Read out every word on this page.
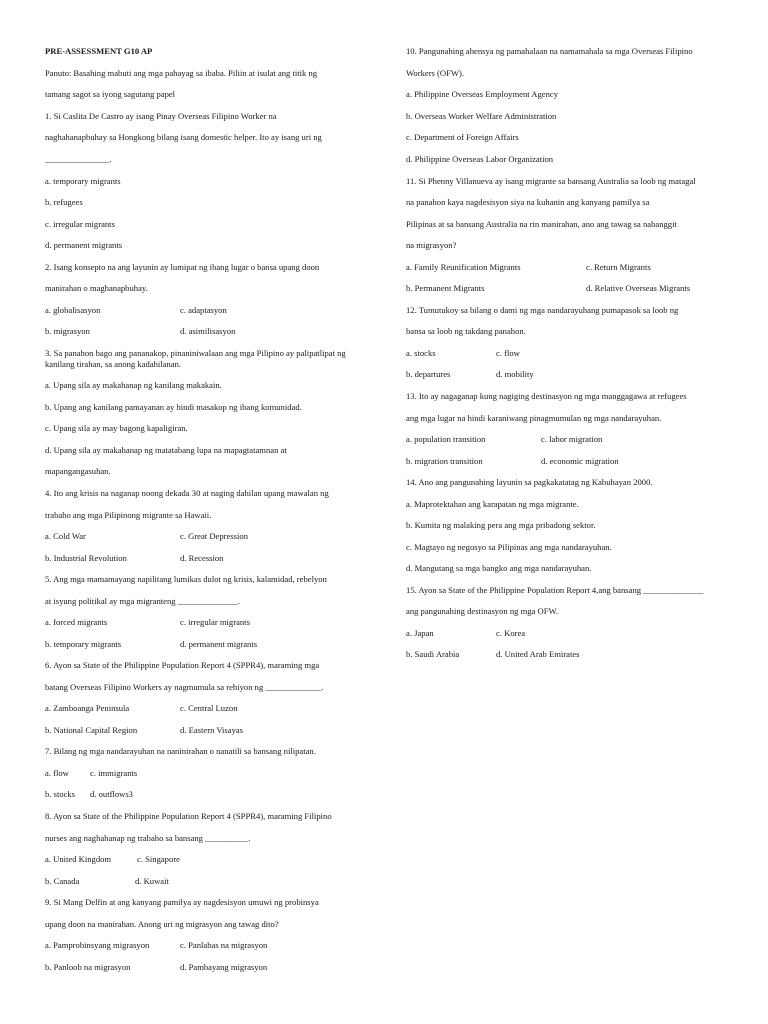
PRE-ASSESSMENT G10 AP
Panuto: Basahing mabuti ang mga pahayag sa ibaba. Piliin at isulat ang titik ng
tamang sagot sa iyong sagutang papel
1. Si Caslita De Castro ay isang Pinay Overseas Filipino Worker na
naghahanapbuhay sa Hongkong bilang isang domestic helper. Ito ay isang uri ng
_______________.
a. temporary migrants
b. refugees
c. irregular migrants
d. permanent migrants
2. Isang konsepto na ang layunin ay lumipat ng ibang lugar o bansa upang doon
manirahan o maghanapbuhay.
a. globalisasyon	c. adaptasyon
b. migrasyon	d. asimilisasyon
3. Sa panahon bago ang pananakop, pinaniniwalaan ang mga Pilipino ay palipatlipat ng kanilang tirahan, sa anong kadahilanan.
a. Upang sila ay makahanap ng kanilang makakain.
b. Upang ang kanilang pamayanan ay hindi masakop ng ibang komunidad.
c. Upang sila ay may bagong kapaligiran.
d. Upang sila ay makahanap ng matatabang lupa na mapagtatamnan at
mapangangasuhan.
4. Ito ang krisis na naganap noong dekada 30 at naging dahilan upang mawalan ng
trabaho ang mga Pilipinong migrante sa Hawaii.
a. Cold War	c. Great Depression
b. Industrial Revolution	d. Recession
5. Ang mga mamamayang napilitang lumikas dulot ng krisis, kalamidad, rebelyon
at isyung politikal ay mga migranteng ______________.
a. forced migrants	c. irregular migrants
b. temporary migrants	d. permanent migrants
6. Ayon sa State of the Philippine Population Report 4 (SPPR4), maraming mga
batang Overseas Filipino Workers ay nagmumula sa rehiyon ng _____________.
a. Zamboanga Peninsula	c. Central Luzon
b. National Capital Region	d. Eastern Visayas
7. Bilang ng mga nandarayuhan na naninirahan o nanatili sa bansang nilipatan.
a. flow c. immigrants
b. stocks d. outflows3
8. Ayon sa State of the Philippine Population Report 4 (SPPR4), maraming Filipino
nurses ang naghahanap ng trabaho sa bansang __________.
a. United Kingdom	c. Singapore
b. Canada	d. Kuwait
9. Si Mang Delfin at ang kanyang pamilya ay nagdesisyon umuwi ng probinsya
upang doon na manirahan. Anong uri ng migrasyon ang tawag dito?
a. Pamprobinsyang migrasyon	c. Panlabas na migrasyon
b. Panloob na migrasyon	d. Pambayang migrasyon
10. Pangunahing ahensya ng pamahalaan na namamahala sa mga Overseas Filipino
Workers (OFW).
a. Philippine Overseas Employment Agency
b. Overseas Worker Welfare Administration
c. Department of Foreign Affairs
d. Philippine Overseas Labor Organization
11. Si Phenny Villanueva ay isang migrante sa bansang Australia sa loob ng matagal
na panahon kaya nagdesisyon siya na kuhanin ang kanyang pamilya sa
Pilipinas at sa bansang Australia na rin manirahan, ano ang tawag sa nabanggit
na migrasyon?
a. Family Reunification Migrants	c. Return Migrants
b. Permanent Migrants	d. Relative Overseas Migrants
12. Tumutukoy sa bilang o dami ng mga nandarayuhang pumapasok sa loob ng
bansa sa loob ng takdang panahon.
a. stocks	c. flow
b. departures	d. mobility
13. Ito ay nagaganap kung nagiging destinasyon ng mga manggagawa at refugees
ang mga lugar na hindi karaniwang pinagmumulan ng mga nandarayuhan.
a. population transition	c. labor migration
b. migration transition	d. economic migration
14. Ano ang pangunahing layunin sa pagkakatatag ng Kabuhayan 2000.
a. Maprotektahan ang karapatan ng mga migrante.
b. Kumita ng malaking pera ang mga pribadong sektor.
c. Magtayo ng negosyo sa Pilipinas ang mga nandarayuhan.
d. Mangutang sa mga bangko ang mga nandarayuhan.
15. Ayon sa State of the Philippine Population Report 4,ang bansang ______________
ang pangunahing destinasyon ng mga OFW.
a. Japan	c. Korea
b. Saudi Arabia	d. United Arab Emirates
